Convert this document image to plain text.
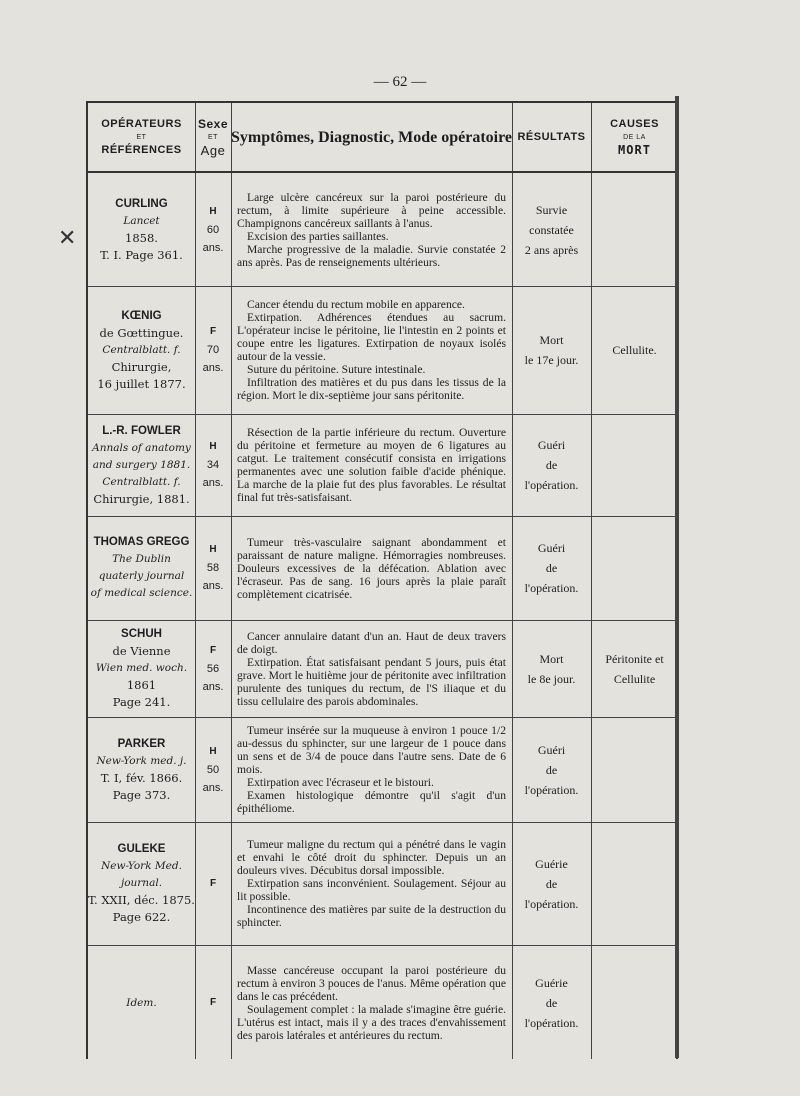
— 62 —
✕
OPÉRATEURS
ET
RÉFÉRENCES
Sexe
ET
Age
Symptômes, Diagnostic, Mode opératoire RÉSULTATS
CAUSES
DE LA
MORT
CURLING
Lancet
1858.
T. I. Page 361.
H
60
ans.

Large ulcère cancéreux sur la paroi postérieure du rectum, à limite supérieure à peine accessible. Champignons cancéreux saillants à l'anus.

Excision des parties saillantes.

Marche progressive de la maladie. Survie constatée 2 ans après. Pas de renseignements ultérieurs.

Survie
constatée
2 ans après
KŒNIG
de Gœttingue.
Centralblatt. f.
Chirurgie,
16 juillet 1877.
F
70
ans.

Cancer étendu du rectum mobile en apparence.

Extirpation. Adhérences étendues au sacrum. L'opérateur incise le péritoine, lie l'intestin en 2 points et coupe entre les ligatures. Extirpation de noyaux isolés autour de la vessie.

Suture du péritoine. Suture intestinale.

Infiltration des matières et du pus dans les tissus de la région. Mort le dix-septième jour sans péritonite.

Mort
le 17e jour.
Cellulite.
L.-R. FOWLER
Annals of anatomy
and surgery 1881.
Centralblatt. f.
Chirurgie, 1881.
H
34
ans.

Résection de la partie inférieure du rectum. Ouverture du péritoine et fermeture au moyen de 6 ligatures au catgut. Le traitement consécutif consista en irrigations permanentes avec une solution faible d'acide phénique. La marche de la plaie fut des plus favorables. Le résultat final fut très-satisfaisant.

Guéri
de
l'opération.
THOMAS GREGG
The Dublin
quaterly journal
of medical science.
H
58
ans.

Tumeur très-vasculaire saignant abondamment et paraissant de nature maligne. Hémorragies nombreuses. Douleurs excessives de la défécation. Ablation avec l'écraseur. Pas de sang. 16 jours après la plaie paraît complètement cicatrisée.

Guéri
de
l'opération.
SCHUH
de Vienne
Wien med. woch.
1861
Page 241.
F
56
ans.

Cancer annulaire datant d'un an. Haut de deux travers de doigt.

Extirpation. État satisfaisant pendant 5 jours, puis état grave. Mort le huitième jour de péritonite avec infiltration purulente des tuniques du rectum, de l'S iliaque et du tissu cellulaire des parois abdominales.

Mort
le 8e jour.
Péritonite et Cellulite
PARKER
New-York med. j.
T. I, fév. 1866.
Page 373.
H
50
ans.

Tumeur insérée sur la muqueuse à environ 1 pouce 1/2 au-dessus du sphincter, sur une largeur de 1 pouce dans un sens et de 3/4 de pouce dans l'autre sens. Date de 6 mois.

Extirpation avec l'écraseur et le bistouri.

Examen histologique démontre qu'il s'agit d'un épithéliome.

Guéri
de
l'opération.
GULEKE
New-York Med.
journal.
T. XXII, déc. 1875.
Page 622.
F

Tumeur maligne du rectum qui a pénétré dans le vagin et envahi le côté droit du sphincter. Depuis un an douleurs vives. Décubitus dorsal impossible.

Extirpation sans inconvénient. Soulagement. Séjour au lit possible.

Incontinence des matières par suite de la destruction du sphincter.

Guérie
de
l'opération.
Idem.	F

Masse cancéreuse occupant la paroi postérieure du rectum à environ 3 pouces de l'anus. Même opération que dans le cas précédent.

Soulagement complet : la malade s'imagine être guérie. L'utérus est intact, mais il y a des traces d'envahissement des parois latérales et antérieures du rectum.

Guérie
de
l'opération.
